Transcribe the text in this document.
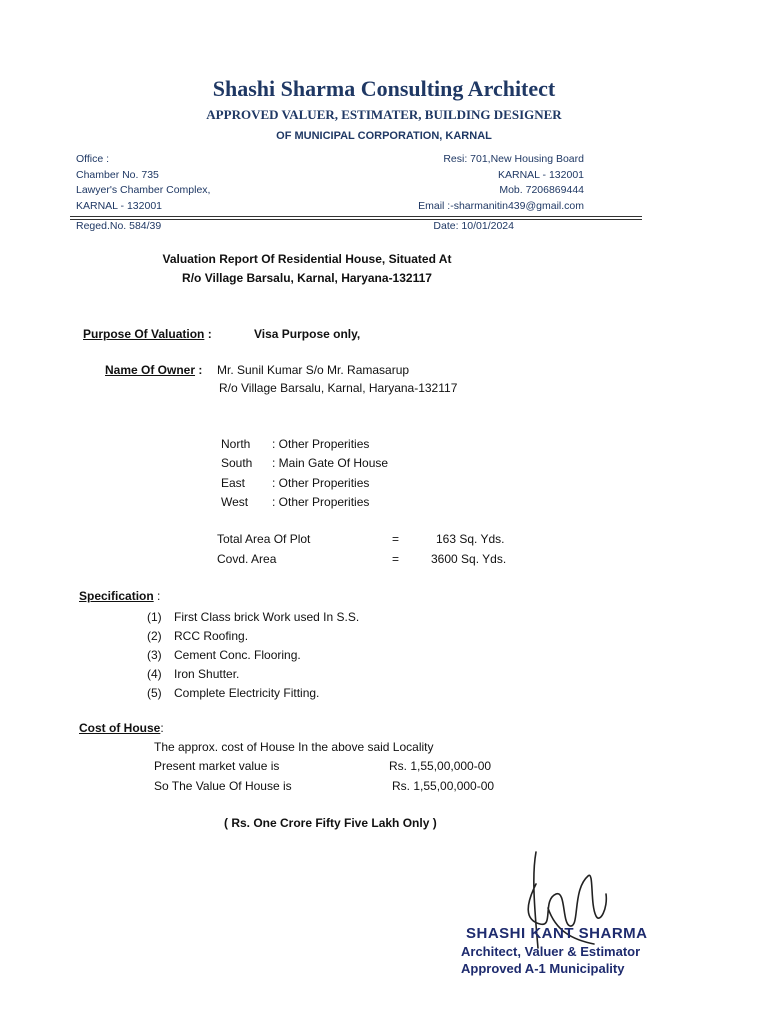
Shashi Sharma Consulting Architect
APPROVED VALUER, ESTIMATER, BUILDING DESIGNER
OF MUNICIPAL CORPORATION, KARNAL
Office :
Chamber No. 735
Lawyer's Chamber Complex,
KARNAL - 132001
Resi: 701,New Housing Board
KARNAL - 132001
Mob. 7206869444
Email :-sharmanitin439@gmail.com
Reged.No. 584/39	Date: 10/01/2024
Valuation Report Of Residential House, Situated At
R/o Village Barsalu, Karnal, Haryana-132117
Purpose Of Valuation :	Visa Purpose only,
Name Of Owner : Mr. Sunil Kumar S/o Mr. Ramasarup
R/o Village Barsalu, Karnal, Haryana-132117
North : Other Properities
South : Main Gate Of House
East : Other Properities
West : Other Properities
Total Area Of Plot	=	163 Sq. Yds.
Covd. Area	=	3600 Sq. Yds.
Specification :
(1) First Class brick Work used In S.S.
(2) RCC Roofing.
(3) Cement Conc. Flooring.
(4) Iron Shutter.
(5) Complete Electricity Fitting.
Cost of House:
The approx. cost of House In the above said Locality
Present market value is	Rs. 1,55,00,000-00
So The Value Of House is	Rs. 1,55,00,000-00
( Rs. One Crore Fifty Five Lakh Only )
SHASHI KANT SHARMA
Architect, Valuer & Estimator
Approved A-1 Municipality
